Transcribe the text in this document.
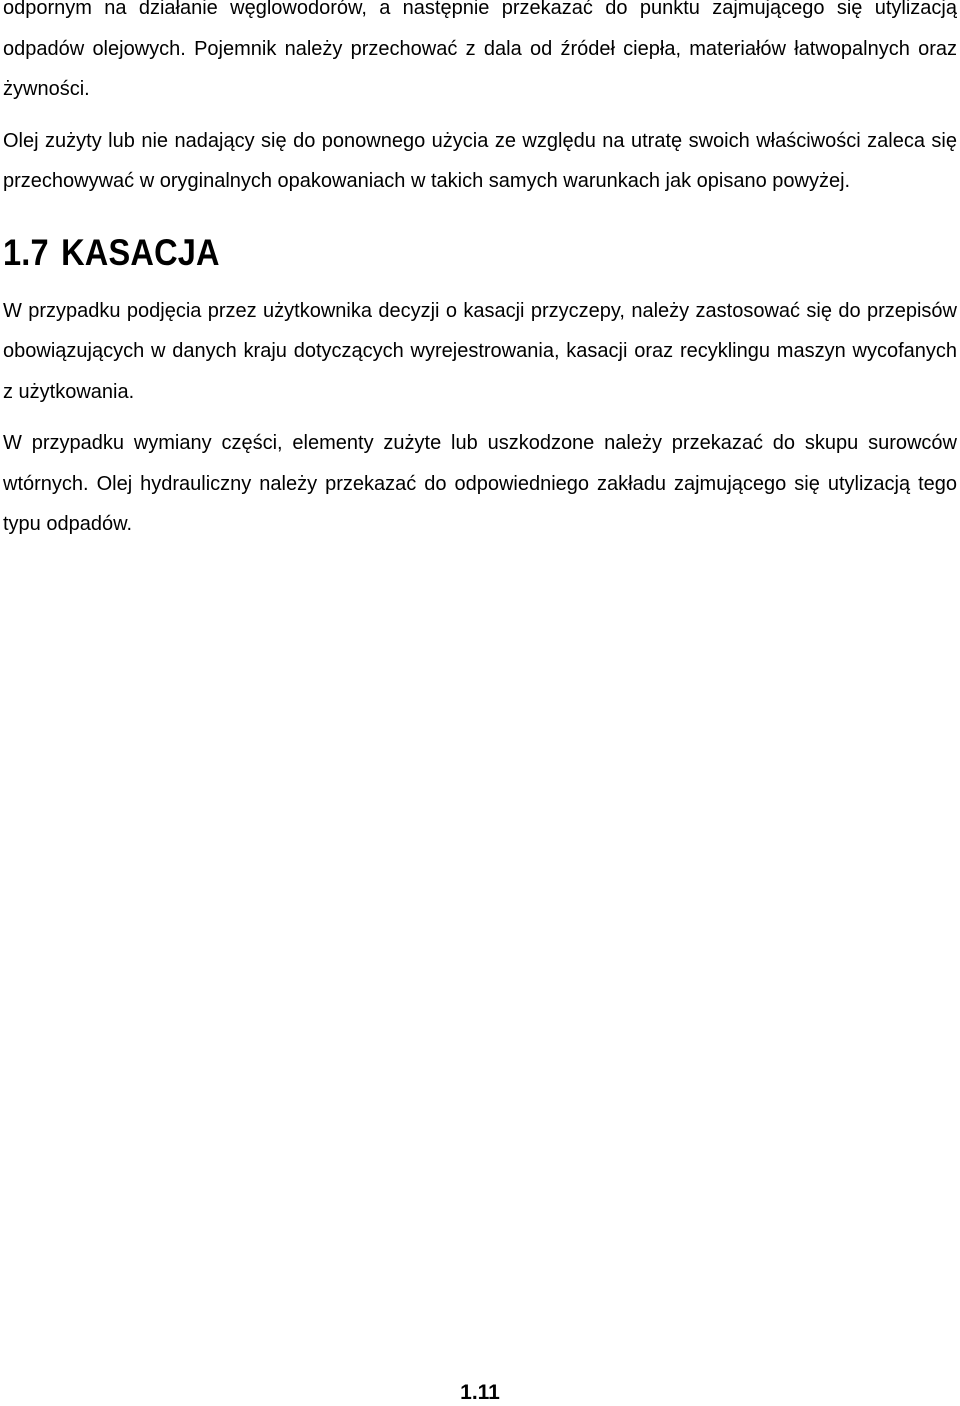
odpornym na działanie węglowodorów, a następnie przekazać do punktu zajmującego się utylizacją odpadów olejowych. Pojemnik należy przechować z dala od źródeł ciepła, materiałów łatwopalnych oraz żywności.

Olej zużyty lub nie nadający się do ponownego użycia ze względu na utratę swoich właściwości zaleca się przechowywać w oryginalnych opakowaniach w takich samych warunkach jak opisano powyżej.

1.7 KASACJA

W przypadku podjęcia przez użytkownika decyzji o kasacji przyczepy, należy zastosować się do przepisów obowiązujących w danych kraju dotyczących wyrejestrowania, kasacji oraz recyklingu maszyn wycofanych z użytkowania.

W przypadku wymiany części, elementy zużyte lub uszkodzone należy przekazać do skupu surowców wtórnych. Olej hydrauliczny należy przekazać do odpowiedniego zakładu zajmującego się utylizacją tego typu odpadów.

1.11
